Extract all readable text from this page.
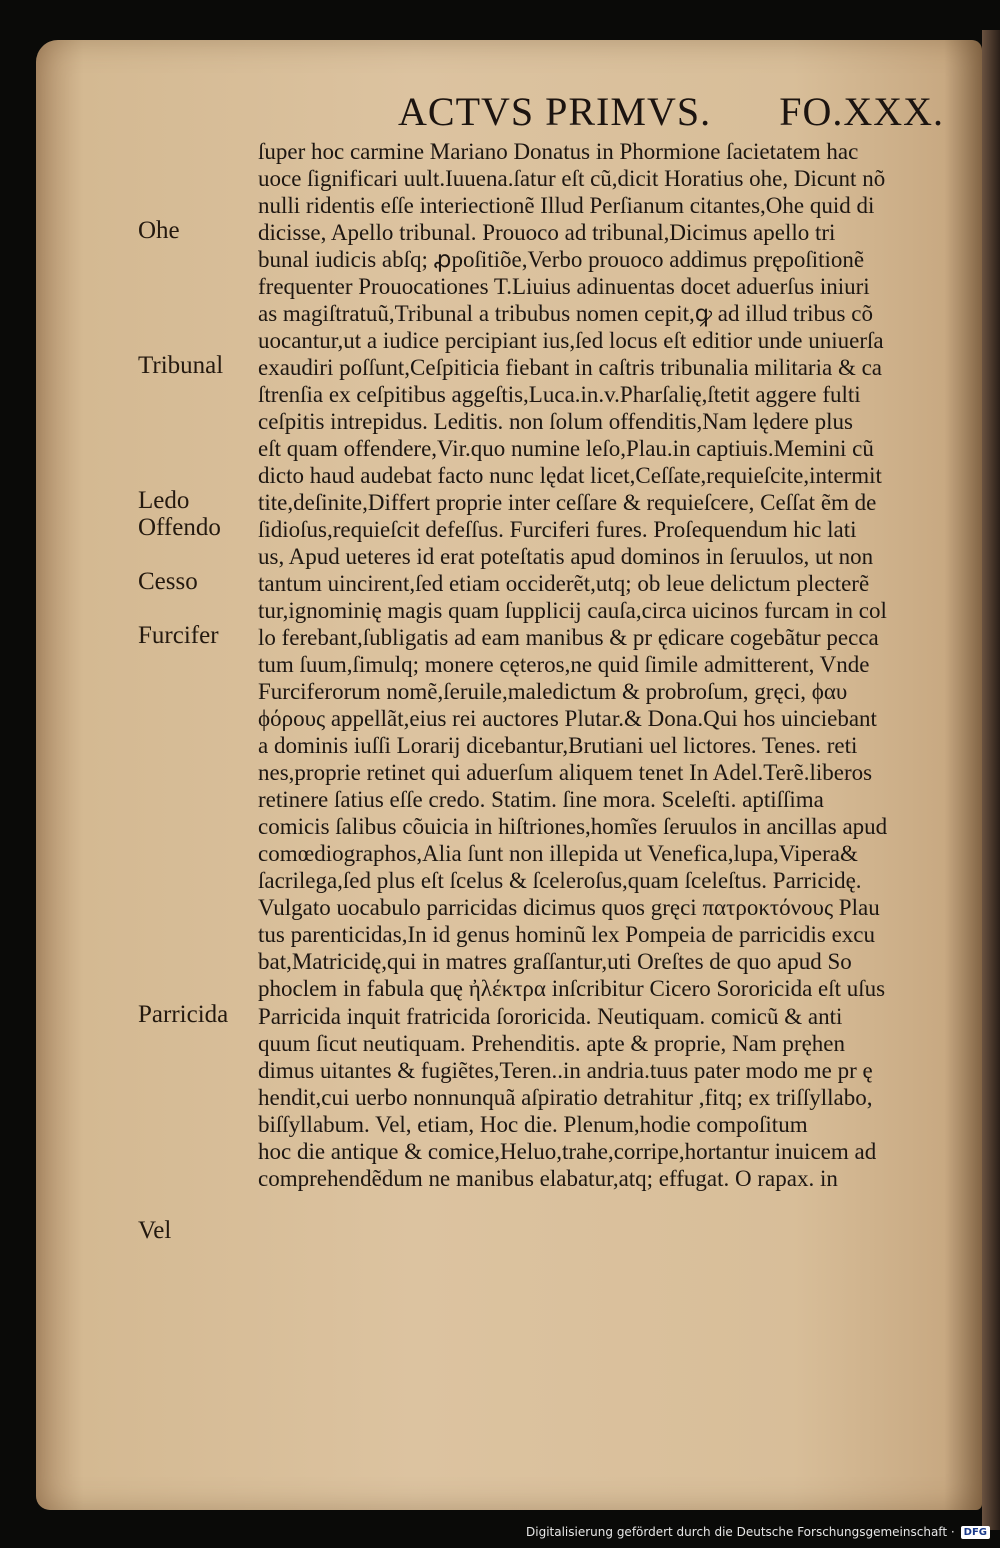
ACTVS PRIMVS. FO.XXX.
ſuper hoc carmine Mariano Donatus in Phormione ſacietatem hac
uoce ſignificari uult.Iuuena.ſatur eſt cũ,dicit Horatius ohe, Dicunt nõ
nulli ridentis eſſe interiectionẽ Illud Perſianum citantes,Ohe quid di
dicisse, Apello tribunal. Prouoco ad tribunal,Dicimus apello tri
bunal iudicis abſq; ꝓpoſitiõe,Verbo prouoco addimus prępoſitionẽ
frequenter Prouocationes T.Liuius adinuentas docet aduerſus iniuri
as magiſtratuũ,Tribunal a tribubus nomen cepit,ꝙ ad illud tribus cõ
uocantur,ut a iudice percipiant ius,ſed locus eſt editior unde uniuerſa
exaudiri poſſunt,Ceſpiticia fiebant in caſtris tribunalia militaria & ca
ſtrenſia ex ceſpitibus aggeſtis,Luca.in.v.Pharſalię,ſtetit aggere fulti
ceſpitis intrepidus. Leditis. non ſolum offenditis,Nam lędere plus
eſt quam offendere,Vir.quo numine leſo,Plau.in captiuis.Memini cũ
dicto haud audebat facto nunc lędat licet,Ceſſate,requieſcite,intermit
tite,deſinite,Differt proprie inter ceſſare & requieſcere, Ceſſat ẽm de
ſidioſus,requieſcit defeſſus. Furciferi fures. Proſequendum hic lati
us, Apud ueteres id erat poteſtatis apud dominos in ſeruulos, ut non
tantum uincirent,ſed etiam occiderẽt,utq; ob leue delictum plecterẽ
tur,ignominię magis quam ſupplicij cauſa,circa uicinos furcam in col
lo ferebant,ſubligatis ad eam manibus & pr ędicare cogebãtur pecca
tum ſuum,ſimulq; monere cęteros,ne quid ſimile admitterent, Vnde
Furciferorum nomẽ,ſeruile,maledictum & probroſum, gręci, ϕαυ
ϕόρους appellãt,eius rei auctores Plutar.& Dona.Qui hos uinciebant
a dominis iuſſi Lorarij dicebantur,Brutiani uel lictores. Tenes. reti
nes,proprie retinet qui aduerſum aliquem tenet In Adel.Terẽ.liberos
retinere ſatius eſſe credo. Statim. ſine mora. Sceleſti. aptiſſima
comicis ſalibus cõuicia in hiſtriones,homĩes ſeruulos in ancillas apud
comœdiographos,Alia ſunt non illepida ut Venefica,lupa,Vipera&
ſacrilega,ſed plus eſt ſcelus & ſceleroſus,quam ſceleſtus. Parricidę.
Vulgato uocabulo parricidas dicimus quos gręci πατροκτόνους Plau
tus parenticidas,In id genus hominũ lex Pompeia de parricidis excu
bat,Matricidę,qui in matres graſſantur,uti Oreſtes de quo apud So
phoclem in fabula quę ἠλέκτρα inſcribitur Cicero Sororicida eſt uſus
Parricida inquit fratricida ſororicida. Neutiquam. comicũ & anti
quum ſicut neutiquam. Prehenditis. apte & proprie, Nam pręhen
dimus uitantes & fugiẽtes,Teren..in andria.tuus pater modo me pr ę
hendit,cui uerbo nonnunquã aſpiratio detrahitur ,fitq; ex triſſyllabo,
biſſyllabum. Vel, etiam, Hoc die. Plenum,hodie compoſitum
hoc die antique & comice,Heluo,trahe,corripe,hortantur inuicem ad
comprehendẽdum ne manibus elabatur,atq; effugat. O rapax. in
Ohe
Tribunal
Ledo
Offendo
Cesso
Furcifer
Parricida
Vel
Digitalisierung gefördert durch die Deutsche Forschungsgemeinschaft · DFG
